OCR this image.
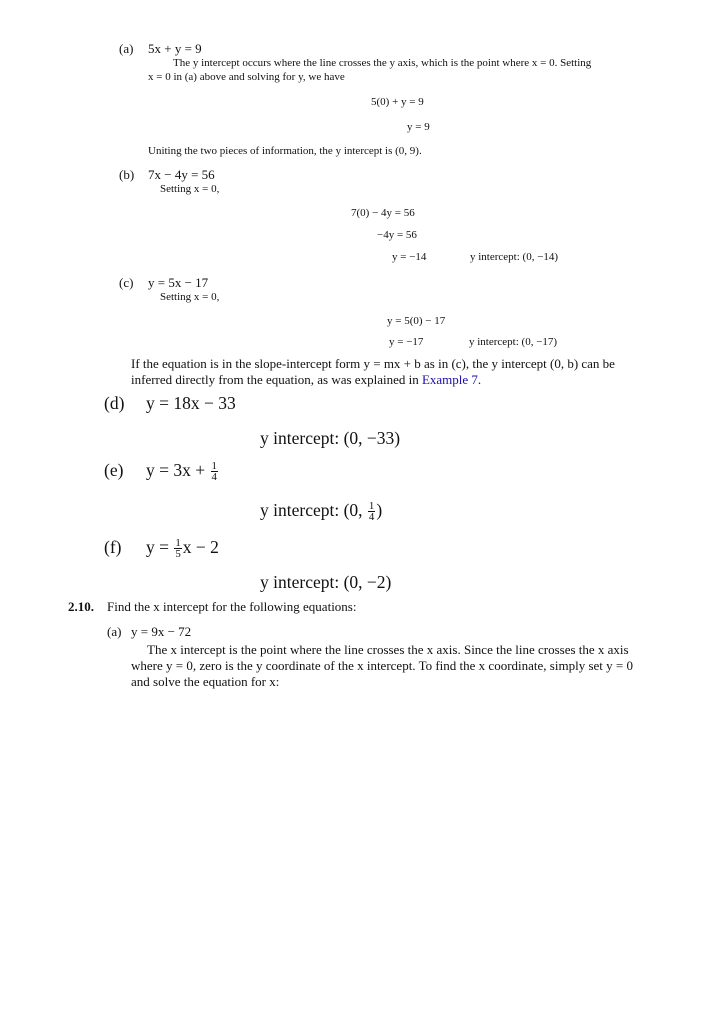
(a) 5x + y = 9
The y intercept occurs where the line crosses the y axis, which is the point where x = 0. Setting
x = 0 in (a) above and solving for y, we have
5(0) + y = 9
y = 9
Uniting the two pieces of information, the y intercept is (0, 9).
(b) 7x − 4y = 56
Setting x = 0,
7(0) − 4y = 56
−4y = 56
y = −14	y intercept: (0, −14)
(c) y = 5x − 17
Setting x = 0,
y = 5(0) − 17
y = −17	y intercept: (0, −17)
If the equation is in the slope-intercept form y = mx + b as in (c), the y intercept (0, b) can be
inferred directly from the equation, as was explained in Example 7.
(d) y = 18x − 33
y intercept: (0, −33)
(e) $y = 3x + \frac{1}{4}$
y intercept: (0, $\frac{1}{4}$ )
(f) $y = \frac{1}{5}$ x − 2
y intercept: (0, −2)
2.10. Find the x intercept for the following equations:
(a) y = 9x − 72
The x intercept is the point where the line crosses the x axis. Since the line crosses the x axis
where y = 0, zero is the y coordinate of the x intercept. To find the x coordinate, simply set y = 0
and solve the equation for x:
